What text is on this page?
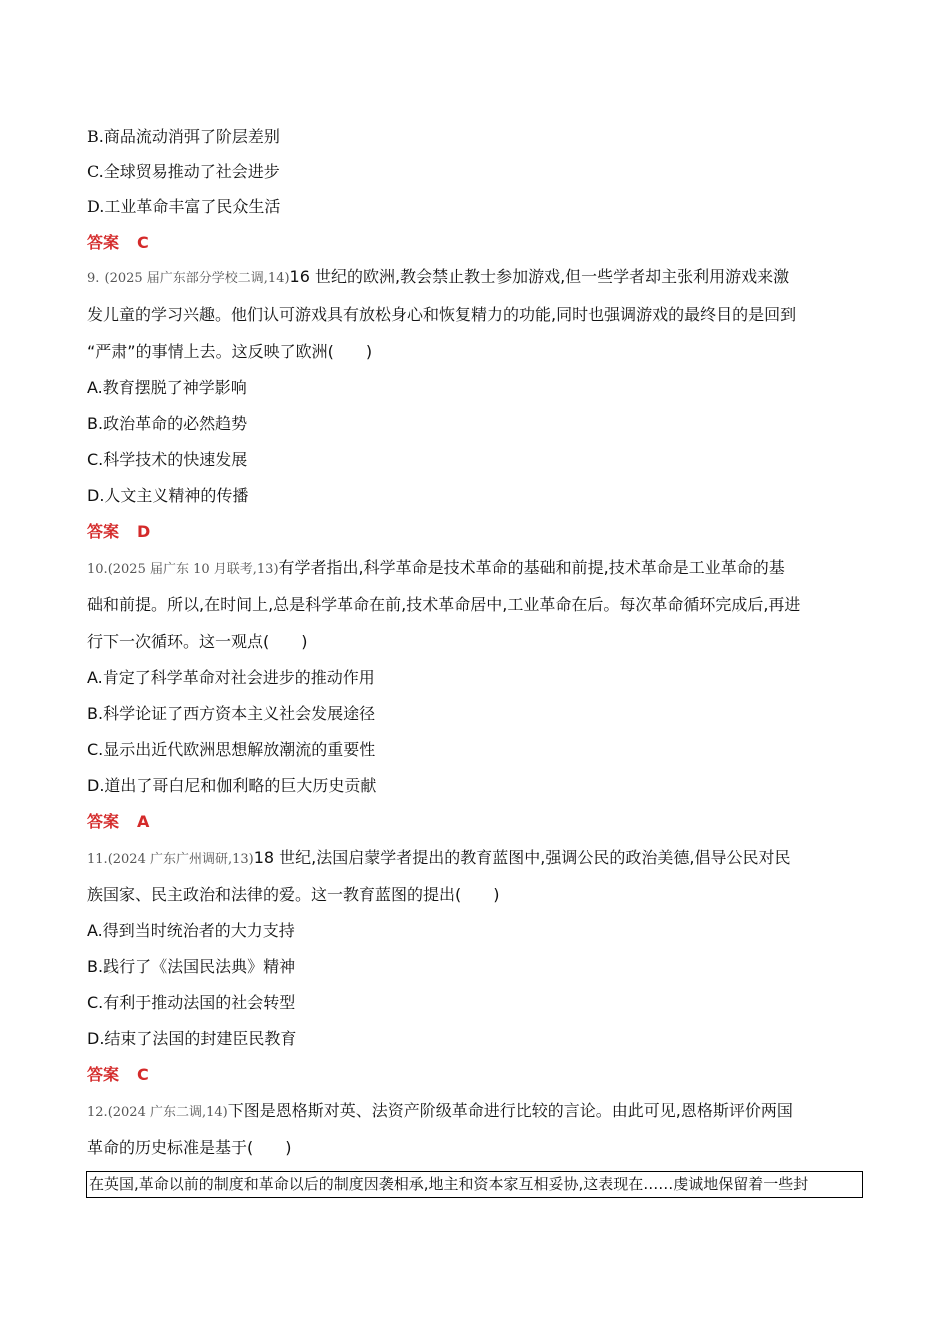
B.商品流动消弭了阶层差别
C.全球贸易推动了社会进步
D.工业革命丰富了民众生活
答案 C
9. (2025 届广东部分学校二调,14)16 世纪的欧洲,教会禁止教士参加游戏,但一些学者却主张利用游戏来激
发儿童的学习兴趣。他们认可游戏具有放松身心和恢复精力的功能,同时也强调游戏的最终目的是回到
“严肃”的事情上去。这反映了欧洲(　　)
A.教育摆脱了神学影响
B.政治革命的必然趋势
C.科学技术的快速发展
D.人文主义精神的传播
答案 D
10.(2025 届广东 10 月联考,13)有学者指出,科学革命是技术革命的基础和前提,技术革命是工业革命的基
础和前提。所以,在时间上,总是科学革命在前,技术革命居中,工业革命在后。每次革命循环完成后,再进
行下一次循环。这一观点(　　)
A.肯定了科学革命对社会进步的推动作用
B.科学论证了西方资本主义社会发展途径
C.显示出近代欧洲思想解放潮流的重要性
D.道出了哥白尼和伽利略的巨大历史贡献
答案 A
11.(2024 广东广州调研,13)18 世纪,法国启蒙学者提出的教育蓝图中,强调公民的政治美德,倡导公民对民
族国家、民主政治和法律的爱。这一教育蓝图的提出(　　)
A.得到当时统治者的大力支持
B.践行了《法国民法典》精神
C.有利于推动法国的社会转型
D.结束了法国的封建臣民教育
答案 C
12.(2024 广东二调,14)下图是恩格斯对英、法资产阶级革命进行比较的言论。由此可见,恩格斯评价两国
革命的历史标准是基于(　　)
在英国,革命以前的制度和革命以后的制度因袭相承,地主和资本家互相妥协,这表现在……虔诚地保留着一些封
